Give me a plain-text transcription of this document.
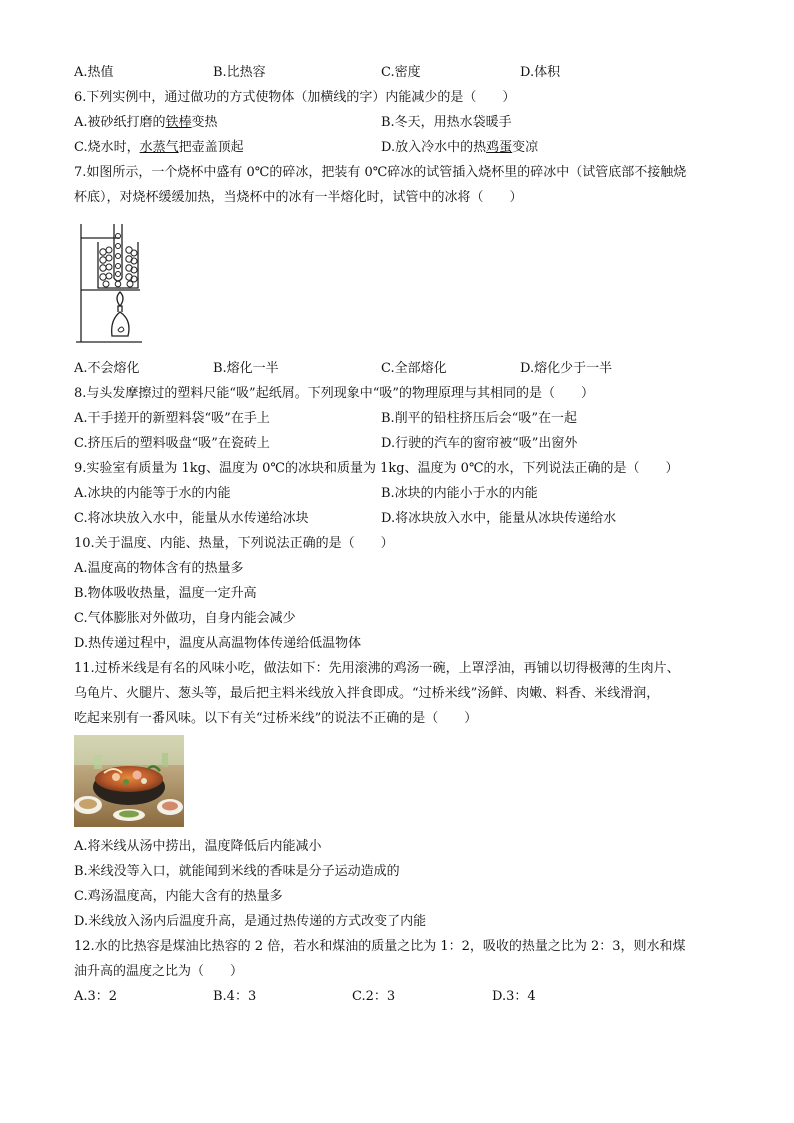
A.热值	B.比热容	C.密度	D.体积
6.下列实例中，通过做功的方式使物体（加横线的字）内能减少的是（　　）
A.被砂纸打磨的铁棒变热	B.冬天，用热水袋暖手
C.烧水时，水蒸气把壶盖顶起	D.放入冷水中的热鸡蛋变凉
7.如图所示，一个烧杯中盛有 0℃的碎冰，把装有 0℃碎冰的试管插入烧杯里的碎冰中（试管底部不接触烧
杯底），对烧杯缓缓加热，当烧杯中的冰有一半熔化时，试管中的冰将（　　）
A.不会熔化	B.熔化一半	C.全部熔化	D.熔化少于一半
8.与头发摩擦过的塑料尺能“吸”起纸屑。下列现象中“吸”的物理原理与其相同的是（　　）
A.干手搓开的新塑料袋“吸”在手上	B.削平的铅柱挤压后会“吸”在一起
C.挤压后的塑料吸盘“吸”在瓷砖上	D.行驶的汽车的窗帘被“吸”出窗外
9.实验室有质量为 1kg、温度为 0℃的冰块和质量为 1kg、温度为 0℃的水，下列说法正确的是（　　）
A.冰块的内能等于水的内能	B.冰块的内能小于水的内能
C.将冰块放入水中，能量从水传递给冰块	D.将冰块放入水中，能量从冰块传递给水
10.关于温度、内能、热量，下列说法正确的是（　　）
A.温度高的物体含有的热量多
B.物体吸收热量，温度一定升高
C.气体膨胀对外做功，自身内能会减少
D.热传递过程中，温度从高温物体传递给低温物体
11.过桥米线是有名的风味小吃，做法如下：先用滚沸的鸡汤一碗，上罩浮油，再铺以切得极薄的生肉片、
乌龟片、火腿片、葱头等，最后把主料米线放入拌食即成。“过桥米线”汤鲜、肉嫩、料香、米线滑润，
吃起来别有一番风味。以下有关“过桥米线”的说法不正确的是（　　）
A.将米线从汤中捞出，温度降低后内能减小
B.米线没等入口，就能闻到米线的香味是分子运动造成的
C.鸡汤温度高，内能大含有的热量多
D.米线放入汤内后温度升高，是通过热传递的方式改变了内能
12.水的比热容是煤油比热容的 2 倍，若水和煤油的质量之比为 1：2，吸收的热量之比为 2：3，则水和煤
油升高的温度之比为（　　）
A.3：2	B.4：3	C.2：3	D.3：4
